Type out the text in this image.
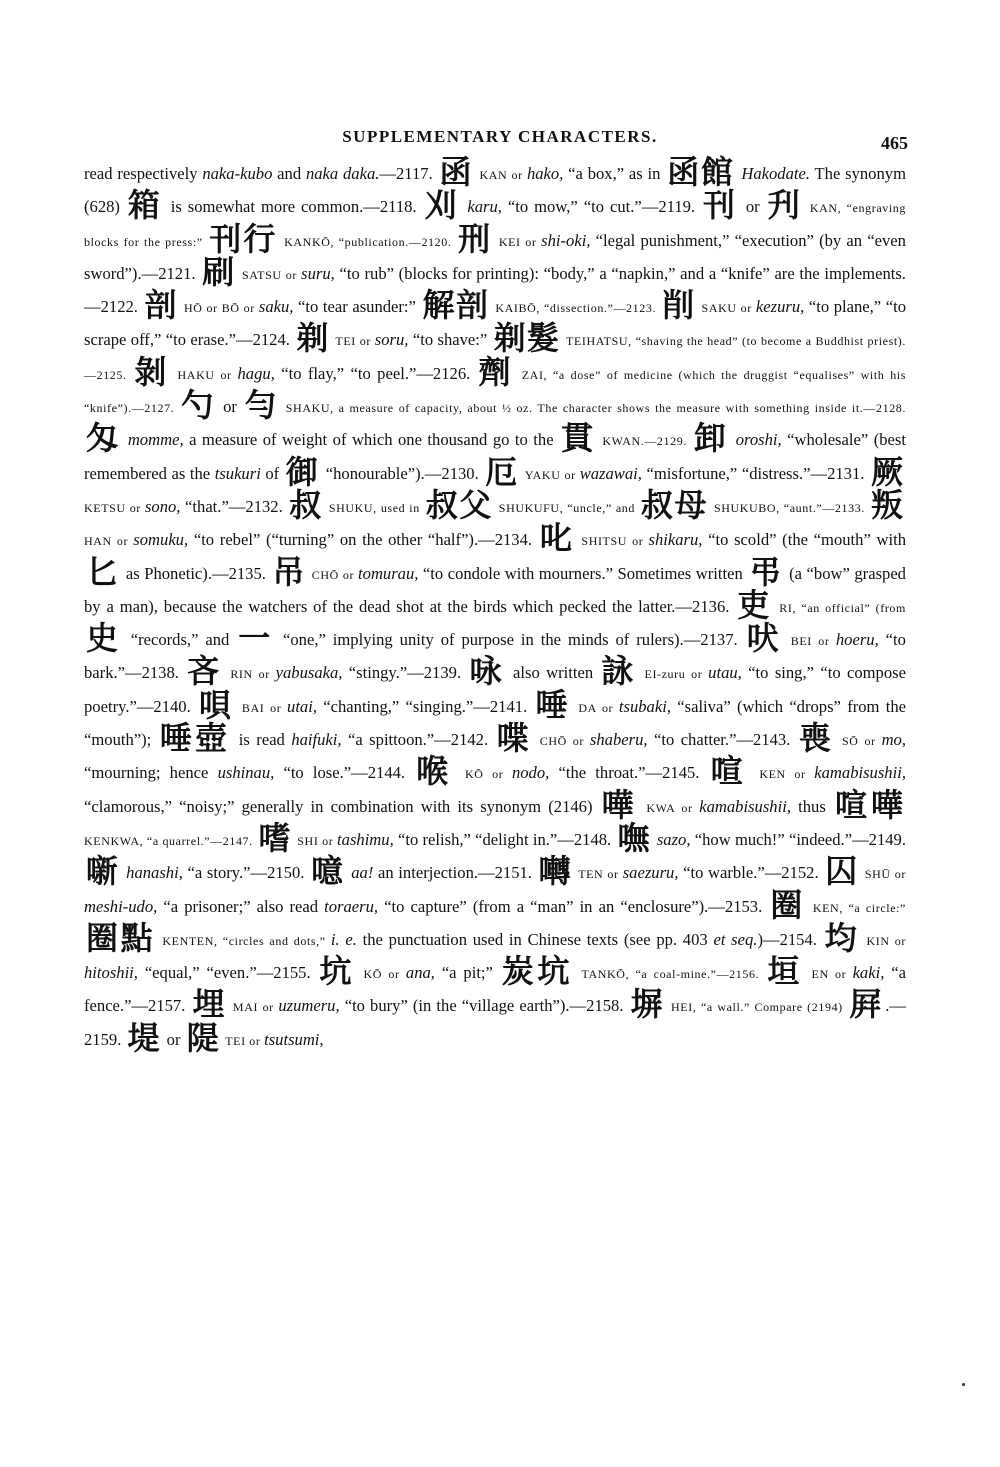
SUPPLEMENTARY CHARACTERS.	465
read respectively naka-kubo and naka daka.—2117. 函 KAN or hako, “a box,” as in 函館 Hakodate. The synonym (628) 箱 is somewhat more common.—2118. 刈 karu, “to mow,” “to cut.”—2119. 刊 or 刋 KAN, “engraving blocks for the press:” 刊行 KANKŌ, “publication.—2120. 刑 KEI or shi-oki, “legal punishment,” “execution” (by an “even sword”).—2121. 刷 SATSU or suru, “to rub” (blocks for printing): “body,” a “napkin,” and a “knife” are the implements.—2122. 剖 HŌ or BŌ or saku, “to tear asunder:” 解剖 KAIBŌ, “dissection.”—2123. 削 SAKU or kezuru, “to plane,” “to scrape off,” “to erase.”—2124. 剃 TEI or soru, “to shave:” 剃髮 TEIHATSU, “shaving the head” (to become a Buddhist priest).—2125. 剝 HAKU or hagu, “to flay,” “to peel.”—2126. 劑 ZAI, “a dose” of medicine (which the druggist “equalises” with his “knife”).—2127. 勺 or 勻 SHAKU, a measure of capacity, about ½ oz. The character shows the measure with something inside it.—2128. 匁 momme, a measure of weight of which one thousand go to the 貫 KWAN.—2129. 卸 oroshi, “wholesale” (best remembered as the tsukuri of 御 “honourable”).—2130. 厄 YAKU or wazawai, “misfortune,” “distress.”—2131. 厥 KETSU or sono, “that.”—2132. 叔 SHUKU, used in 叔父 SHUKUFU, “uncle,” and 叔母 SHUKUBO, “aunt.”—2133. 叛 HAN or somuku, “to rebel” (“turning” on the other “half”).—2134. 叱 SHITSU or shikaru, “to scold” (the “mouth” with 匕 as Phonetic).—2135. 吊 CHŌ or tomurau, “to condole with mourners.” Sometimes written 弔 (a “bow” grasped by a man), because the watchers of the dead shot at the birds which pecked the latter.—2136. 吏 RI, “an official” (from 史 “records,” and 一 “one,” implying unity of purpose in the minds of rulers).—2137. 吠 BEI or hoeru, “to bark.”—2138. 吝 RIN or yabusaka, “stingy.”—2139. 咏 also written 詠 EI-zuru or utau, “to sing,” “to compose poetry.”—2140. 唄 BAI or utai, “chanting,” “singing.”—2141. 唾 DA or tsubaki, “saliva” (which “drops” from the “mouth”); 唾壺 is read haifuki, “a spittoon.”—2142. 喋 CHŌ or shaberu, “to chatter.”—2143. 喪 SŌ or mo, “mourning; hence ushinau, “to lose.”—2144. 喉 KŌ or nodo, “the throat.”—2145. 喧 KEN or kamabisushii, “clamorous,” “noisy;” generally in combination with its synonym (2146) 嘩 KWA or kamabisushii, thus 喧嘩 KENKWA, “a quarrel.”—2147. 嗜 SHI or tashimu, “to relish,” “delight in.”—2148. 嘸 sazo, “how much!” “indeed.”—2149. 噺 hanashi, “a story.”—2150. 噫 aa! an interjection.—2151. 囀 TEN or saezuru, “to warble.”—2152. 囚 SHŪ or meshi-udo, “a prisoner;” also read toraeru, “to capture” (from a “man” in an “enclosure”).—2153. 圈 KEN, “a circle:” 圈點 KENTEN, “circles and dots,” i. e. the punctuation used in Chinese texts (see pp. 403 et seq.)—2154. 均 KIN or hitoshii, “equal,” “even.”—2155. 坑 KŌ or ana, “a pit;” 炭坑 TANKŌ, “a coal-mine.”—2156. 垣 EN or kaki, “a fence.”—2157. 埋 MAI or uzumeru, “to bury” (in the “village earth”).—2158. 塀 HEI, “a wall.” Compare (2194) 屛 .—2159. 堤 or 隄 TEI or tsutsumi,
